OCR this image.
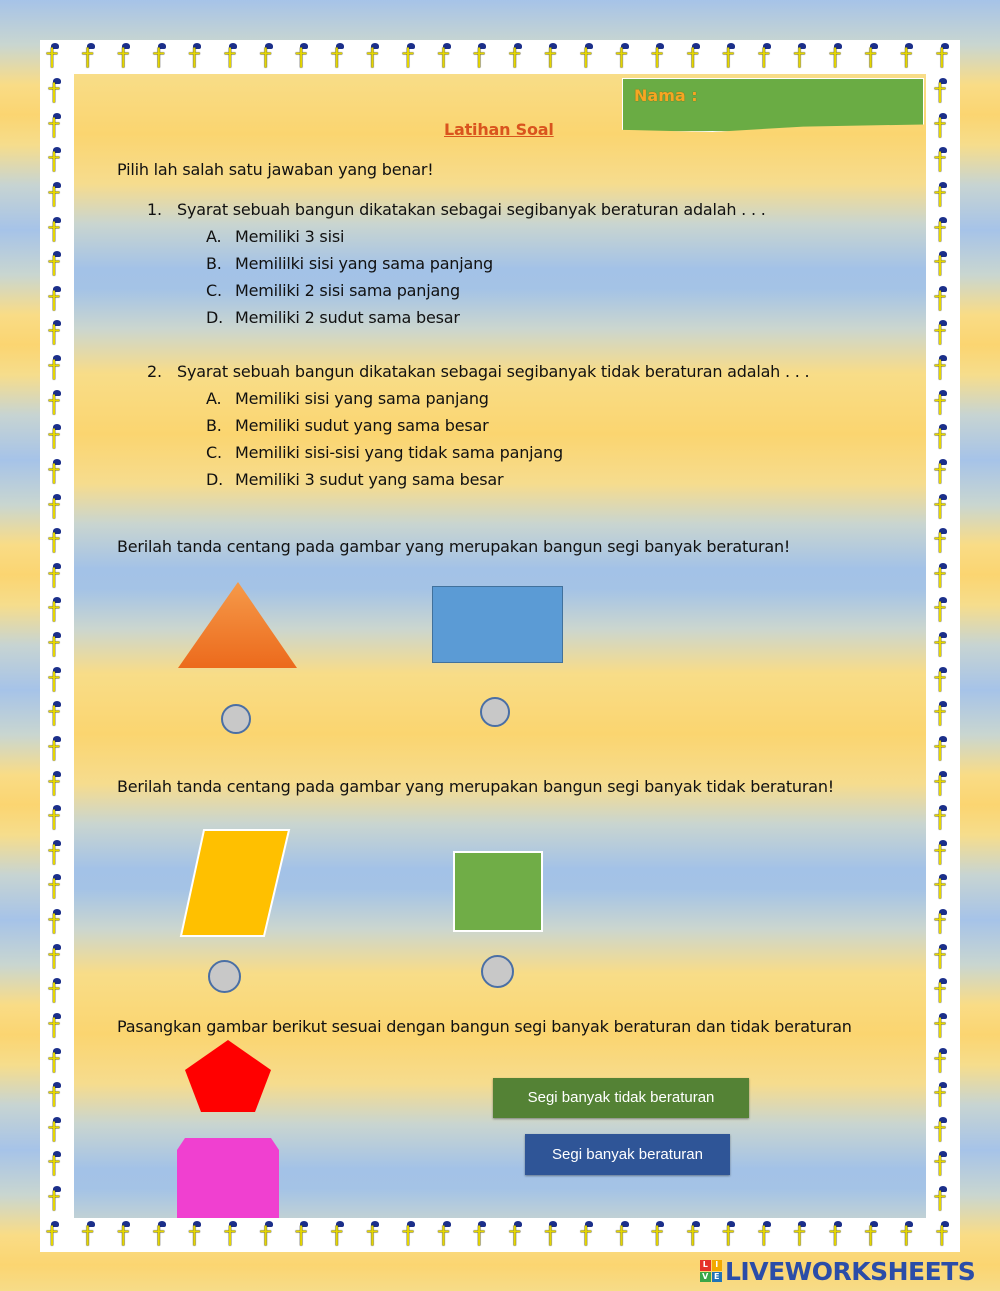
†
†
†
†
†
†
†
†
†
†
†
†
†
†
†
†
†
†
†
†
†
†
†
†
†
†
†
†
†
†
†
†
†
†
†
†
†
†
†
†
†
†
†
†
†
†
†
†
†
†
†
†
†
†
†
†
†
†
†
†
†
†
†
†
†
†
†
†
†
†
†
†
†
†
†
†
†
†
†
†
†
†
†
†
†
†
†
†
†
†
†
†
†
†
†
†
†
†
†
†
†
†
†
†
†
†
†
†
†
†
†
†
†
†
†
†
†
†
Nama :
Latihan Soal
Pilih lah salah satu jawaban yang benar!
1. Syarat sebuah bangun dikatakan sebagai segibanyak beraturan adalah . . .
A. Memiliki 3 sisi
B. Memililki sisi yang sama panjang
C. Memiliki 2 sisi sama panjang
D. Memiliki 2 sudut sama besar
2. Syarat sebuah bangun dikatakan sebagai segibanyak tidak beraturan adalah . . .
A. Memiliki sisi yang sama panjang
B. Memiliki sudut yang sama besar
C. Memiliki sisi-sisi yang tidak sama panjang
D. Memiliki 3 sudut yang sama besar
Berilah tanda centang pada gambar yang merupakan bangun segi banyak beraturan!
Berilah tanda centang pada gambar yang merupakan bangun segi banyak tidak beraturan!
Pasangkan gambar berikut sesuai dengan bangun segi banyak beraturan dan tidak beraturan
Segi banyak tidak beraturan
Segi banyak beraturan
L I
V E LIVEWORKSHEETS
